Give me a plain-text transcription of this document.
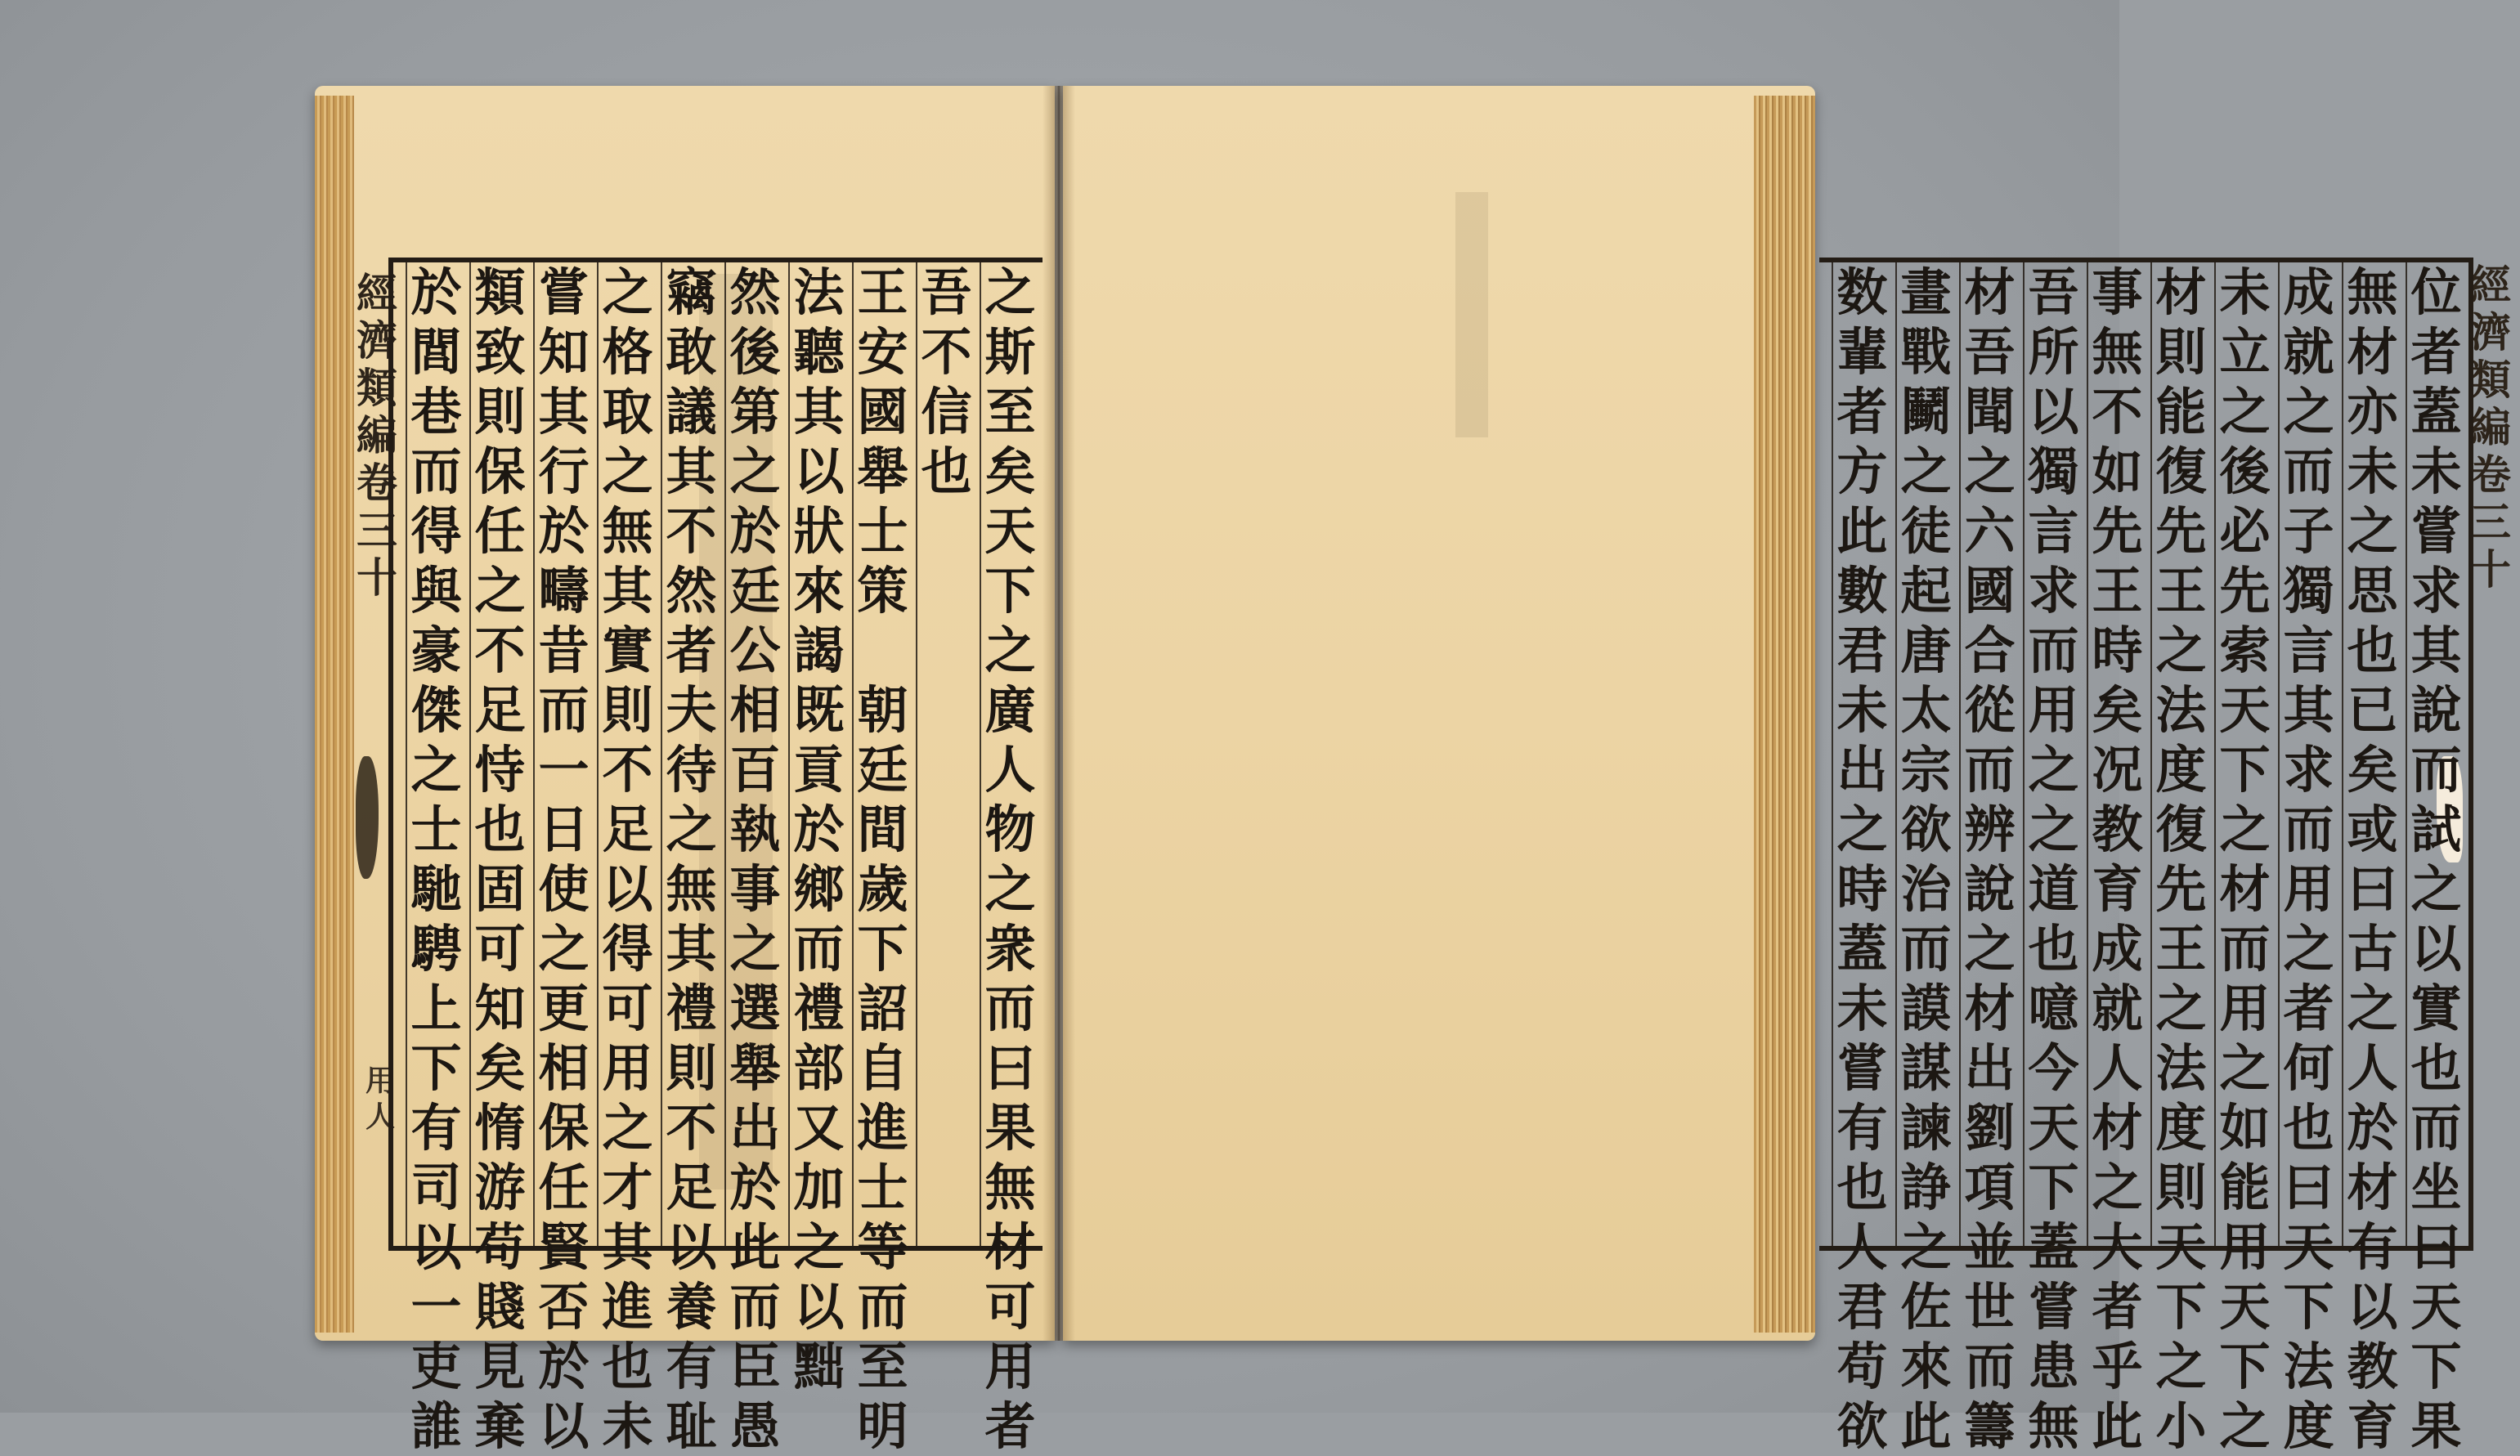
經
濟
類
編
卷
三
十
用
人
之
斯
至
矣
天
下
之
廣
人
物
之
衆
而
曰
果
無
材
可
用
者
吾
不
信
也
王
安
國
舉
士
策

朝
廷
間
歲
下
詔
自
進
士
等
而
至
明
法
聽
其
以
狀
來
謁
既
貢
於
鄉
而
禮
部
又
加
之
以
黜
然
後
第
之
於
廷
公
相
百
執
事
之
選
舉
出
於
此
而
臣
愚
竊
敢
議
其
不
然
者
夫
待
之
無
其
禮
則
不
足
以
養
有
耻
之
格
取
之
無
其
實
則
不
足
以
得
可
用
之
才
其
進
也
未
嘗
知
其
行
於
疇
昔
而
一
日
使
之
更
相
保
任
賢
否
於
以
類
致
則
保
任
之
不
足
恃
也
固
可
知
矣
惰
游
苟
賤
見
棄
於
閭
巷
而
得
與
豪
傑
之
士
馳
騁
上
下
有
司
以
一
吏
誰
經
濟
類
編
卷
三
十
位
者
蓋
未
嘗
求
其
說
而
試
之
以
實
也
而
坐
曰
天
下
果
無
材
亦
未
之
思
也
已
矣
或
曰
古
之
人
於
材
有
以
教
育
成
就
之
而
子
獨
言
其
求
而
用
之
者
何
也
曰
天
下
法
度
未
立
之
後
必
先
索
天
下
之
材
而
用
之
如
能
用
天
下
之
材
則
能
復
先
王
之
法
度
復
先
王
之
法
度
則
天
下
之
小
事
無
不
如
先
王
時
矣
况
教
育
成
就
人
材
之
大
者
乎
此
吾
所
以
獨
言
求
而
用
之
之
道
也
噫
今
天
下
蓋
嘗
患
無
材
吾
聞
之
六
國
合
從
而
辨
說
之
材
出
劉
項
並
世
而
籌
畫
戰
鬭
之
徒
起
唐
太
宗
欲
治
而
謨
謀
諫
諍
之
佐
來
此
数
輩
者
方
此
數
君
未
出
之
時
蓋
未
嘗
有
也
人
君
苟
欲
